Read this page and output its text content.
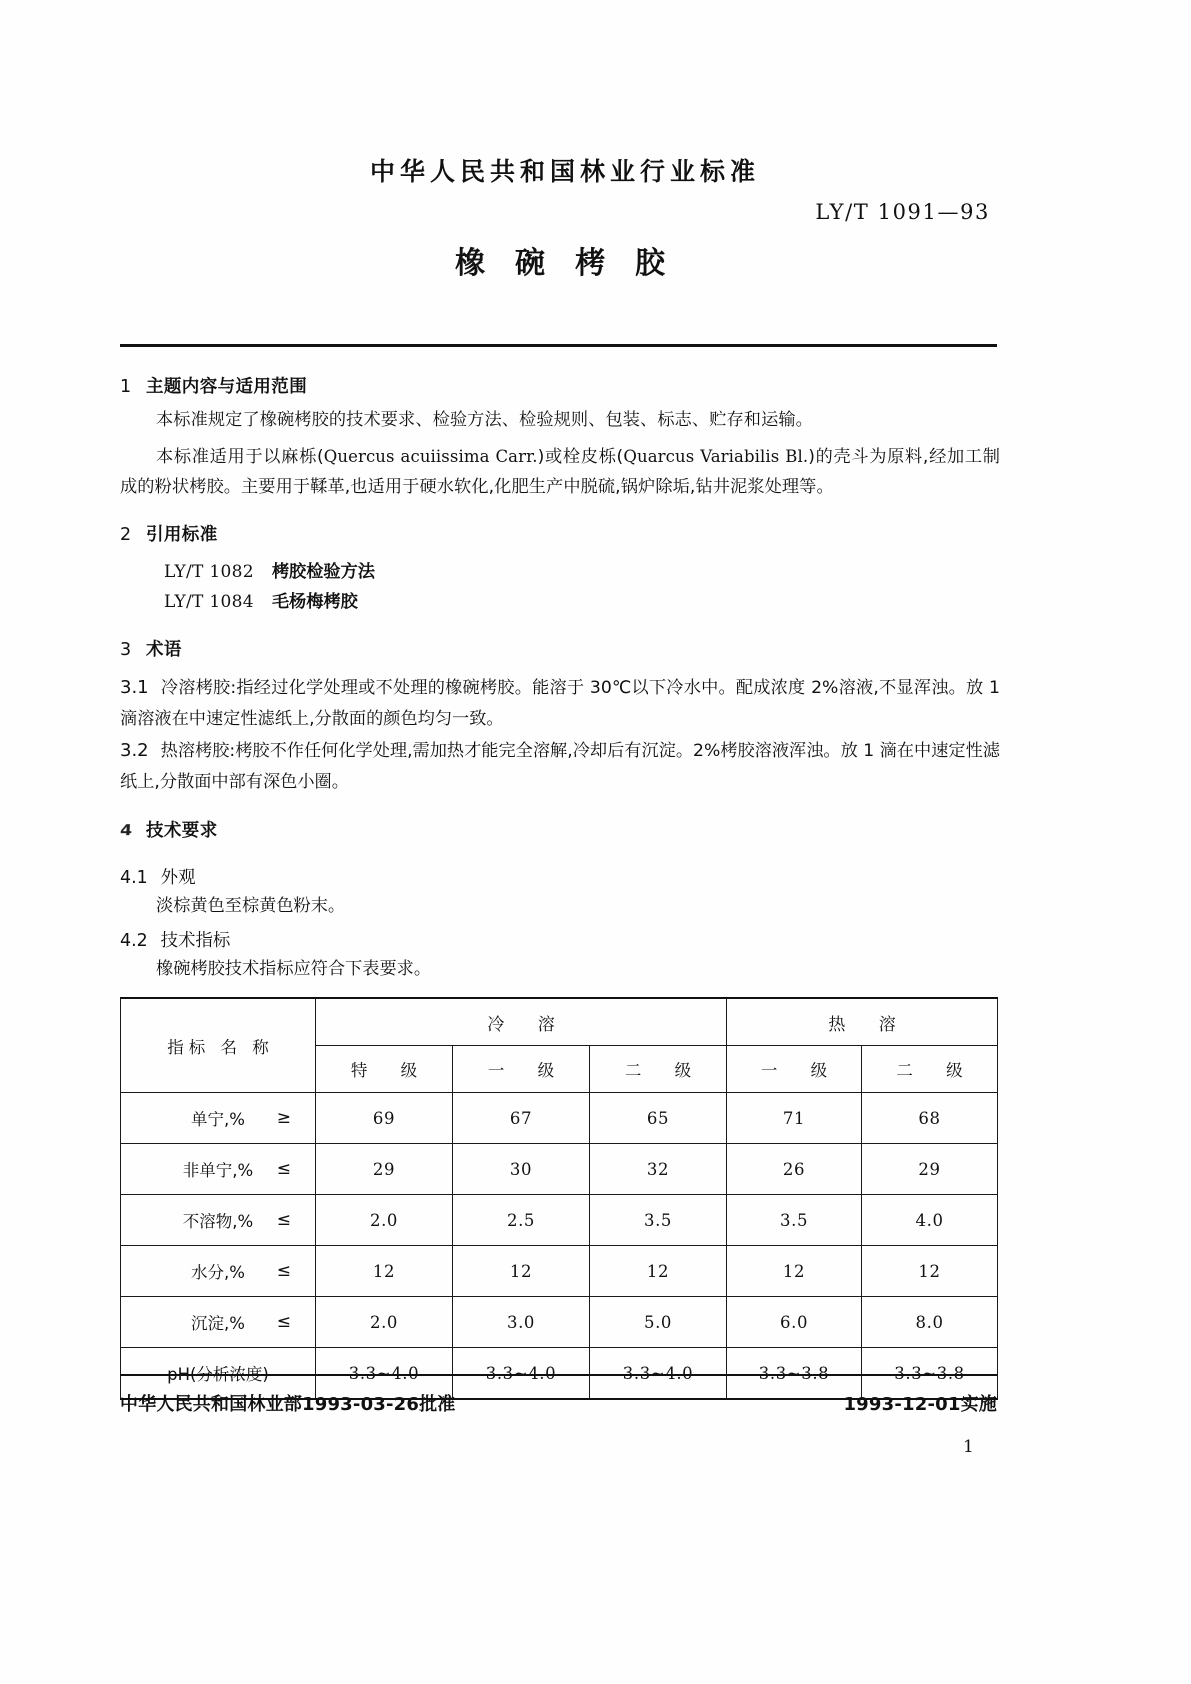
中华人民共和国林业行业标准
LY/T 1091—93
橡碗栲胶
1 主题内容与适用范围

本标准规定了橡碗栲胶的技术要求、检验方法、检验规则、包装、标志、贮存和运输。

本标准适用于以麻栎(Quercus acuiissima Carr.)或栓皮栎(Quarcus Variabilis Bl.)的壳斗为原料,经加工制成的粉状栲胶。主要用于鞣革,也适用于硬水软化,化肥生产中脱硫,锅炉除垢,钻井泥浆处理等。

2 引用标准

LY/T 1082 栲胶检验方法

LY/T 1084 毛杨梅栲胶

3 术语

3.1 冷溶栲胶:指经过化学处理或不处理的橡碗栲胶。能溶于 30℃以下冷水中。配成浓度 2%溶液,不显浑浊。放 1 滴溶液在中速定性滤纸上,分散面的颜色均匀一致。

3.2 热溶栲胶:栲胶不作任何化学处理,需加热才能完全溶解,冷却后有沉淀。2%栲胶溶液浑浊。放 1 滴在中速定性滤纸上,分散面中部有深色小圈。

4 技术要求

4.1 外观

淡棕黄色至棕黄色粉末。

4.2 技术指标

橡碗栲胶技术指标应符合下表要求。

指标 名 称	冷 溶			热 溶	
	特 级	一 级	二 级	一 级	二 级
单宁,% ≥	69	67	65	71	68
非单宁,% ≤	29	30	32	26	29
不溶物,% ≤	2.0	2.5	3.5	3.5	4.0
水分,% ≤	12	12	12	12	12
沉淀,% ≤	2.0	3.0	5.0	6.0	8.0
pH(分析浓度)	3.3~4.0	3.3~4.0	3.3~4.0	3.3~3.8	3.3~3.8
中华人民共和国林业部1993-03-26批准	1993-12-01实施
1
